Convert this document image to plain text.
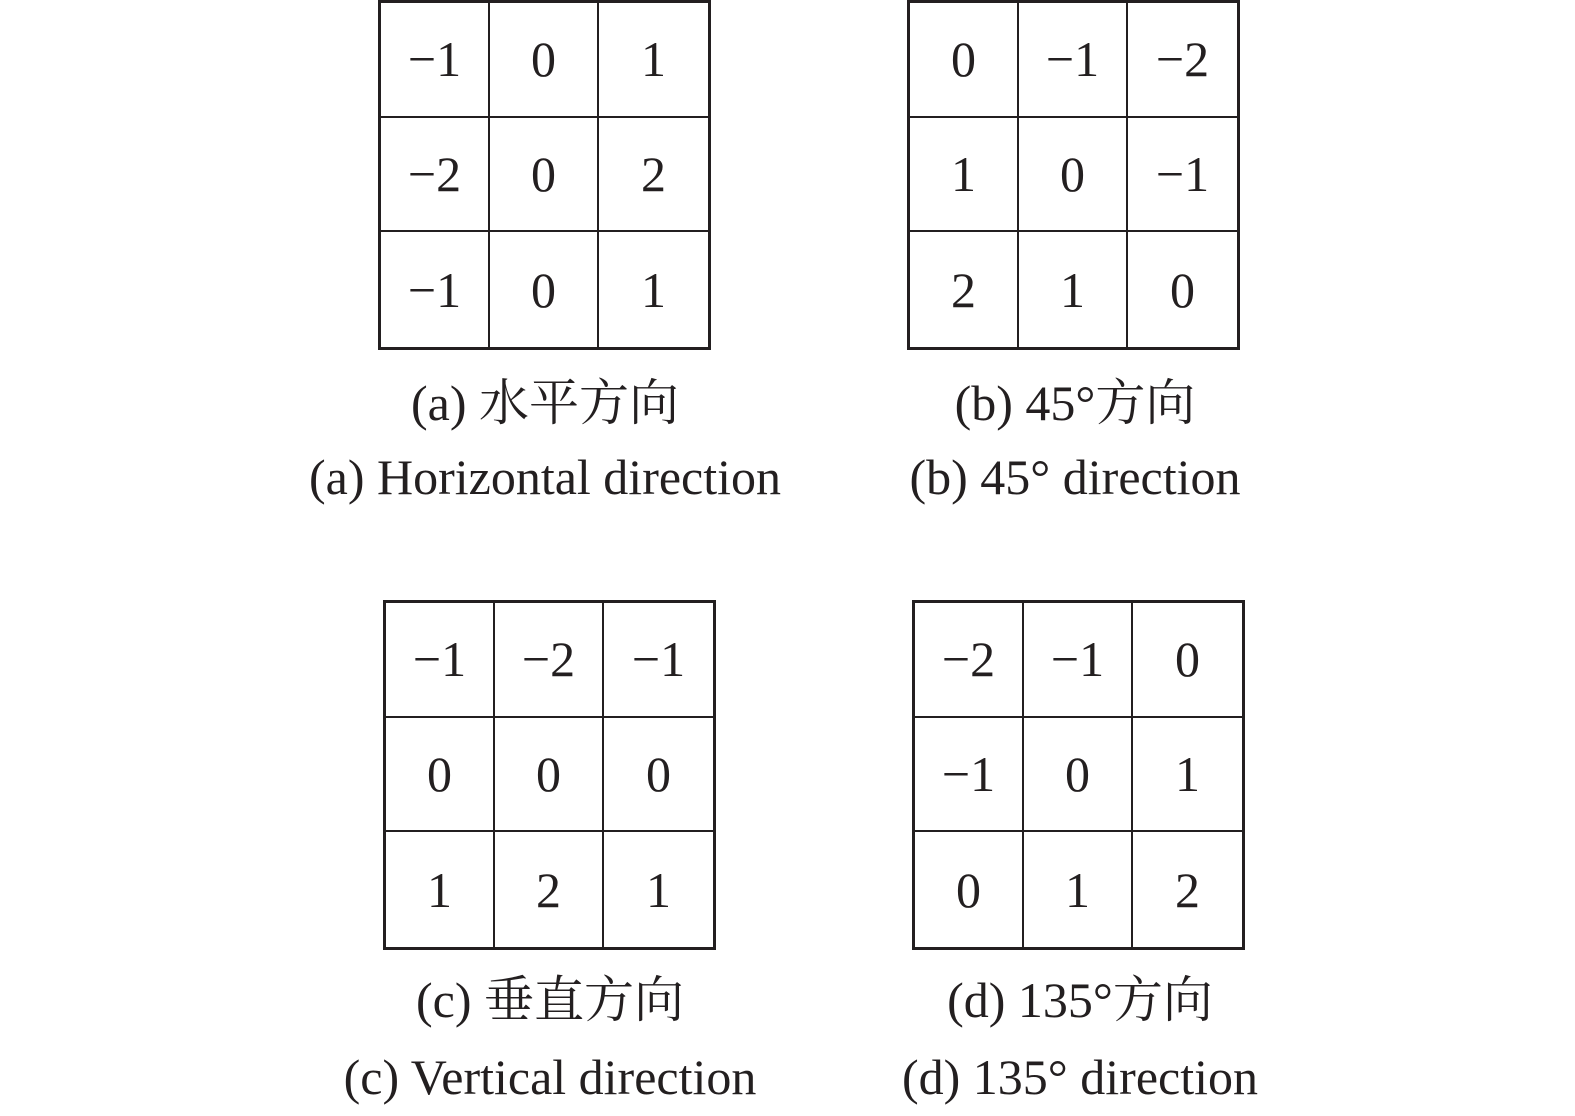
−1	0	1
−2	0	2
−1	0	1
(a) 水平方向
(a) Horizontal direction
0	−1	−2
1	0	−1
2	1	0
(b) 45°方向
(b) 45° direction
−1	−2	−1
0	0	0
1	2	1
(c) 垂直方向
(c) Vertical direction
−2	−1	0
−1	0	1
0	1	2
(d) 135°方向
(d) 135° direction
